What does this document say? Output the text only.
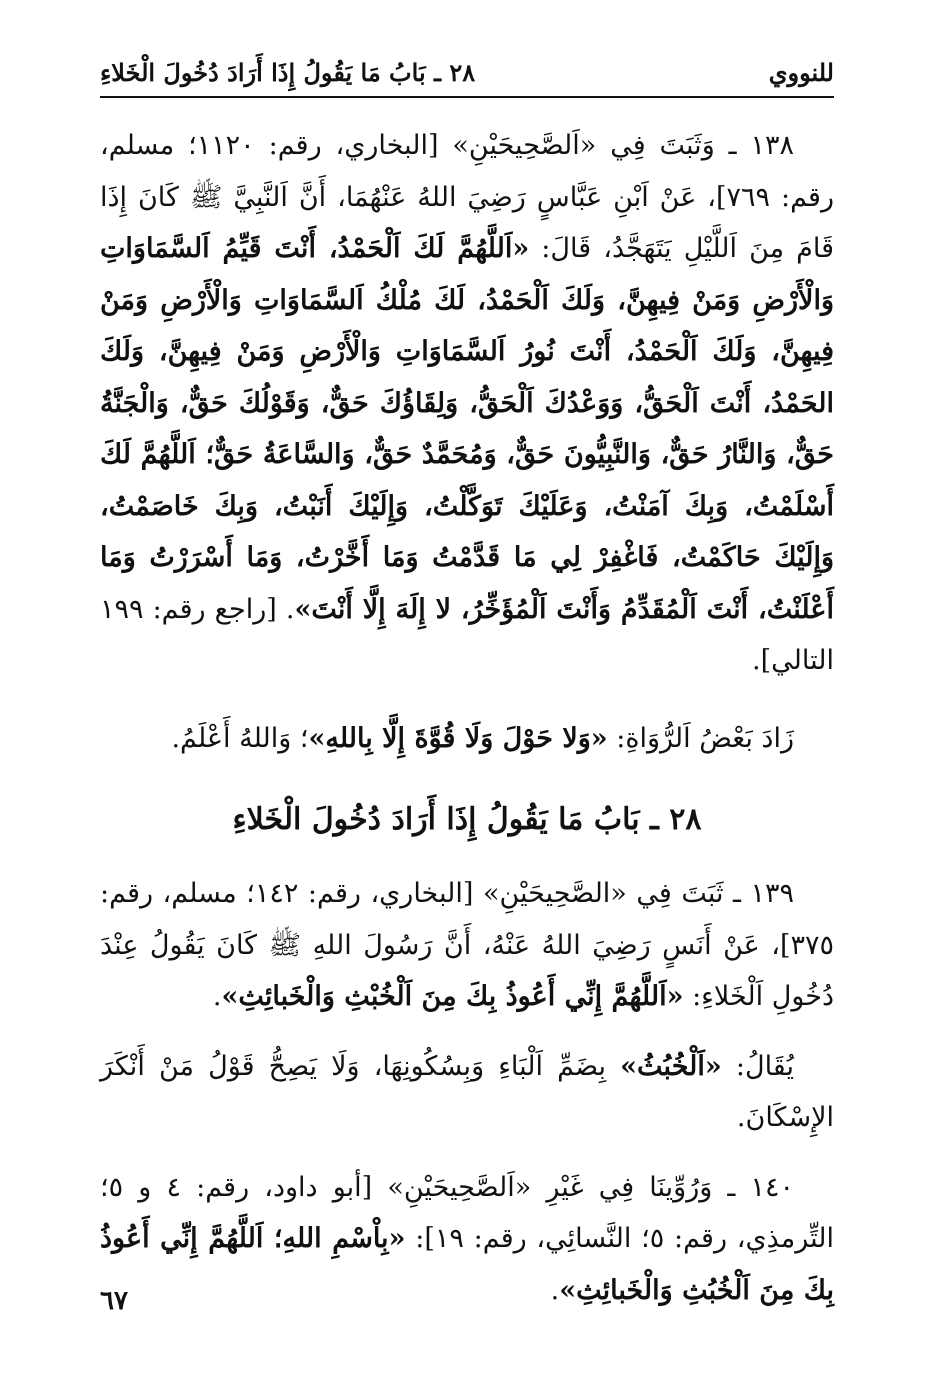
للنووي
٢٨ ـ بَابُ مَا يَقُولُ إِذَا أَرَادَ دُخُولَ الْخَلاءِ

١٣٨ ـ وَثَبَتَ فِي «اَلصَّحِيحَيْنِ» [البخاري، رقم: ١١٢٠؛ مسلم، رقم: ٧٦٩]، عَنْ اَبْنِ عَبَّاسٍ رَضِيَ اللهُ عَنْهُمَا، أَنَّ اَلنَّبِيَّ ﷺ كَانَ إِذَا قَامَ مِنَ اَللَّيْلِ يَتَهَجَّدُ، قَالَ: «اَللَّهُمَّ لَكَ اَلْحَمْدُ، أَنْتَ قَيِّمُ اَلسَّمَاوَاتِ وَالْأَرْضِ وَمَنْ فِيهِنَّ، وَلَكَ اَلْحَمْدُ، لَكَ مُلْكُ اَلسَّمَاوَاتِ وَالْأَرْضِ وَمَنْ فِيهِنَّ، وَلَكَ اَلْحَمْدُ، أَنْتَ نُورُ اَلسَّمَاوَاتِ وَالْأَرْضِ وَمَنْ فِيهِنَّ، وَلَكَ الحَمْدُ، أَنْتَ اَلْحَقُّ، وَوَعْدُكَ اَلْحَقُّ، وَلِقَاؤُكَ حَقٌّ، وَقَوْلُكَ حَقٌّ، وَالْجَنَّةُ حَقٌّ، وَالنَّارُ حَقٌّ، وَالنَّبِيُّونَ حَقٌّ، وَمُحَمَّدٌ حَقٌّ، وَالسَّاعَةُ حَقٌّ؛ اَللَّهُمَّ لَكَ أَسْلَمْتُ، وَبِكَ آمَنْتُ، وَعَلَيْكَ تَوَكَّلْتُ، وَإِلَيْكَ أَنَبْتُ، وَبِكَ خَاصَمْتُ، وَإِلَيْكَ حَاكَمْتُ، فَاغْفِرْ لِي مَا قَدَّمْتُ وَمَا أَخَّرْتُ، وَمَا أَسْرَرْتُ وَمَا أَعْلَنْتُ، أَنْتَ اَلْمُقَدِّمُ وَأَنْتَ اَلْمُؤَخِّرُ، لا إِلَهَ إِلَّا أَنْتَ». [راجع رقم: ١٩٩ التالي].

زَادَ بَعْضُ اَلرُّوَاةِ: «وَلا حَوْلَ وَلَا قُوَّةَ إِلَّا بِاللهِ»؛ وَاللهُ أَعْلَمُ.

٢٨ ـ بَابُ مَا يَقُولُ إِذَا أَرَادَ دُخُولَ الْخَلاءِ

١٣٩ ـ ثَبَتَ فِي «الصَّحِيحَيْنِ» [البخاري، رقم: ١٤٢؛ مسلم، رقم: ٣٧٥]، عَنْ أَنَسٍ رَضِيَ اللهُ عَنْهُ، أَنَّ رَسُولَ اللهِ ﷺ كَانَ يَقُولُ عِنْدَ دُخُولِ اَلْخَلاءِ: «اَللَّهُمَّ إِنِّي أَعُوذُ بِكَ مِنَ اَلْخُبْثِ وَالْخَبائِثِ».

يُقَالُ: «اَلْخُبُثُ» بِضَمِّ اَلْبَاءِ وَبِسُكُونِهَا، وَلَا يَصِحُّ قَوْلُ مَنْ أَنْكَرَ الإِسْكَانَ.

١٤٠ ـ وَرُوِّينَا فِي غَيْرِ «اَلصَّحِيحَيْنِ» [أبو داود، رقم: ٤ و ٥؛ التِّرمذِي، رقم: ٥؛ النَّسائِي، رقم: ١٩]: «بِاْسْمِ اللهِ؛ اَللَّهُمَّ إِنِّي أَعُوذُ بِكَ مِنَ اَلْخُبُثِ وَالْخَبائِثِ».

٦٧
